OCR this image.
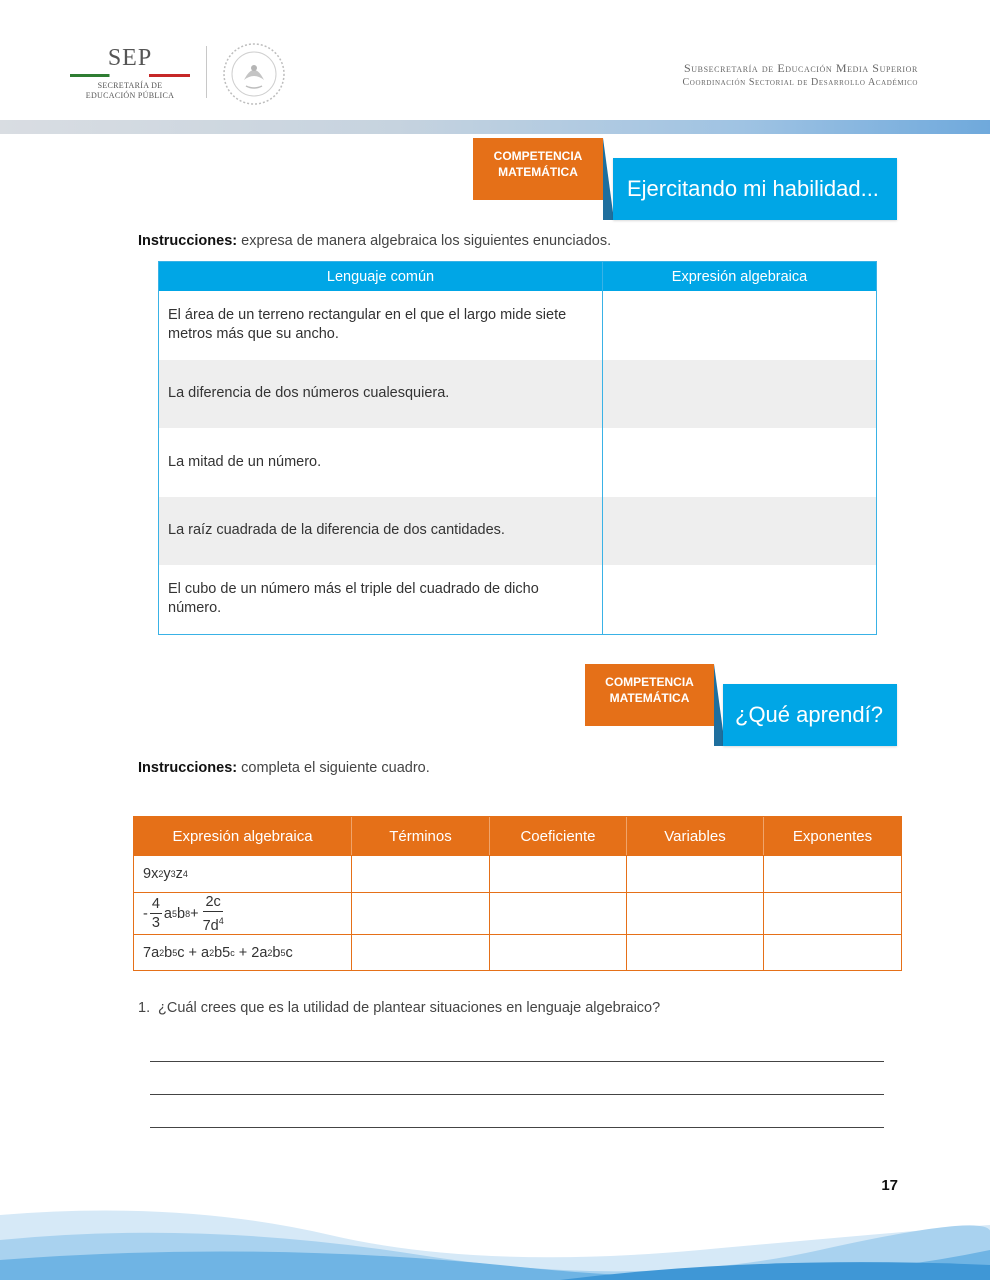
SEP
SECRETARÍA DE
EDUCACIÓN PÚBLICA
Subsecretaría de Educación Media Superior
Coordinación Sectorial de Desarrollo Académico
Ejercitando mi habilidad...
COMPETENCIA
MATEMÁTICA
Instrucciones: expresa de manera algebraica los siguientes enunciados.
Lenguaje común	Expresión algebraica
El área de un terreno rectangular en el que el largo mide siete metros más que su ancho.
La diferencia de dos números cualesquiera.
La mitad de un número.
La raíz cuadrada de la diferencia de dos cantidades.
El cubo de un número más el triple del cuadrado de dicho número.
¿Qué aprendí?
COMPETENCIA
MATEMÁTICA
Instrucciones: completa el siguiente cuadro.
Expresión algebraica	Términos	Coeficiente	Variables	Exponentes
9x 2 y 3 z 4
- $\frac{4}{3}$ a 5 b $8 + \frac{2c}{7d^4}$
7a 2 b 5 c + a 2 b5 c + 2a 2 b 5 c
1. ¿Cuál crees que es la utilidad de plantear situaciones en lenguaje algebraico?
17
